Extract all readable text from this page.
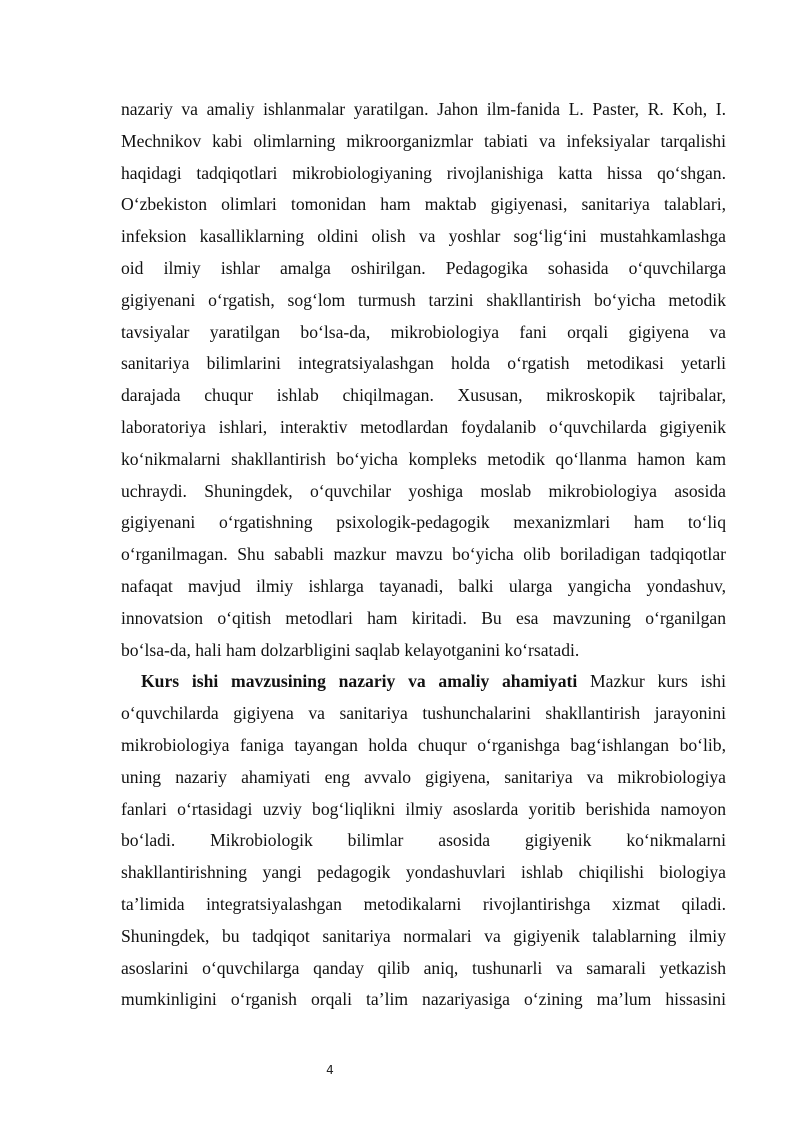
nazariy va amaliy ishlanmalar yaratilgan. Jahon ilm-fanida L. Paster, R. Koh, I.
Mechnikov kabi olimlarning mikroorganizmlar tabiati va infeksiyalar tarqalishi
haqidagi tadqiqotlari mikrobiologiyaning rivojlanishiga katta hissa qo‘shgan.
O‘zbekiston olimlari tomonidan ham maktab gigiyenasi, sanitariya talablari,
infeksion kasalliklarning oldini olish va yoshlar sog‘lig‘ini mustahkamlashga
oid ilmiy ishlar amalga oshirilgan. Pedagogika sohasida o‘quvchilarga
gigiyenani o‘rgatish, sog‘lom turmush tarzini shakllantirish bo‘yicha metodik
tavsiyalar yaratilgan bo‘lsa-da, mikrobiologiya fani orqali gigiyena va
sanitariya bilimlarini integratsiyalashgan holda o‘rgatish metodikasi yetarli
darajada chuqur ishlab chiqilmagan. Xususan, mikroskopik tajribalar,
laboratoriya ishlari, interaktiv metodlardan foydalanib o‘quvchilarda gigiyenik
ko‘nikmalarni shakllantirish bo‘yicha kompleks metodik qo‘llanma hamon kam
uchraydi. Shuningdek, o‘quvchilar yoshiga moslab mikrobiologiya asosida
gigiyenani o‘rgatishning psixologik-pedagogik mexanizmlari ham to‘liq
o‘rganilmagan. Shu sababli mazkur mavzu bo‘yicha olib boriladigan tadqiqotlar
nafaqat mavjud ilmiy ishlarga tayanadi, balki ularga yangicha yondashuv,
innovatsion o‘qitish metodlari ham kiritadi. Bu esa mavzuning o‘rganilgan
bo‘lsa-da, hali ham dolzarbligini saqlab kelayotganini ko‘rsatadi.
Kurs ishi mavzusining nazariy va amaliy ahamiyati Mazkur kurs ishi
o‘quvchilarda gigiyena va sanitariya tushunchalarini shakllantirish jarayonini
mikrobiologiya faniga tayangan holda chuqur o‘rganishga bag‘ishlangan bo‘lib,
uning nazariy ahamiyati eng avvalo gigiyena, sanitariya va mikrobiologiya
fanlari o‘rtasidagi uzviy bog‘liqlikni ilmiy asoslarda yoritib berishida namoyon
bo‘ladi. Mikrobiologik bilimlar asosida gigiyenik ko‘nikmalarni
shakllantirishning yangi pedagogik yondashuvlari ishlab chiqilishi biologiya
ta’limida integratsiyalashgan metodikalarni rivojlantirishga xizmat qiladi.
Shuningdek, bu tadqiqot sanitariya normalari va gigiyenik talablarning ilmiy
asoslarini o‘quvchilarga qanday qilib aniq, tushunarli va samarali yetkazish
mumkinligini o‘rganish orqali ta’lim nazariyasiga o‘zining ma’lum hissasini
4
